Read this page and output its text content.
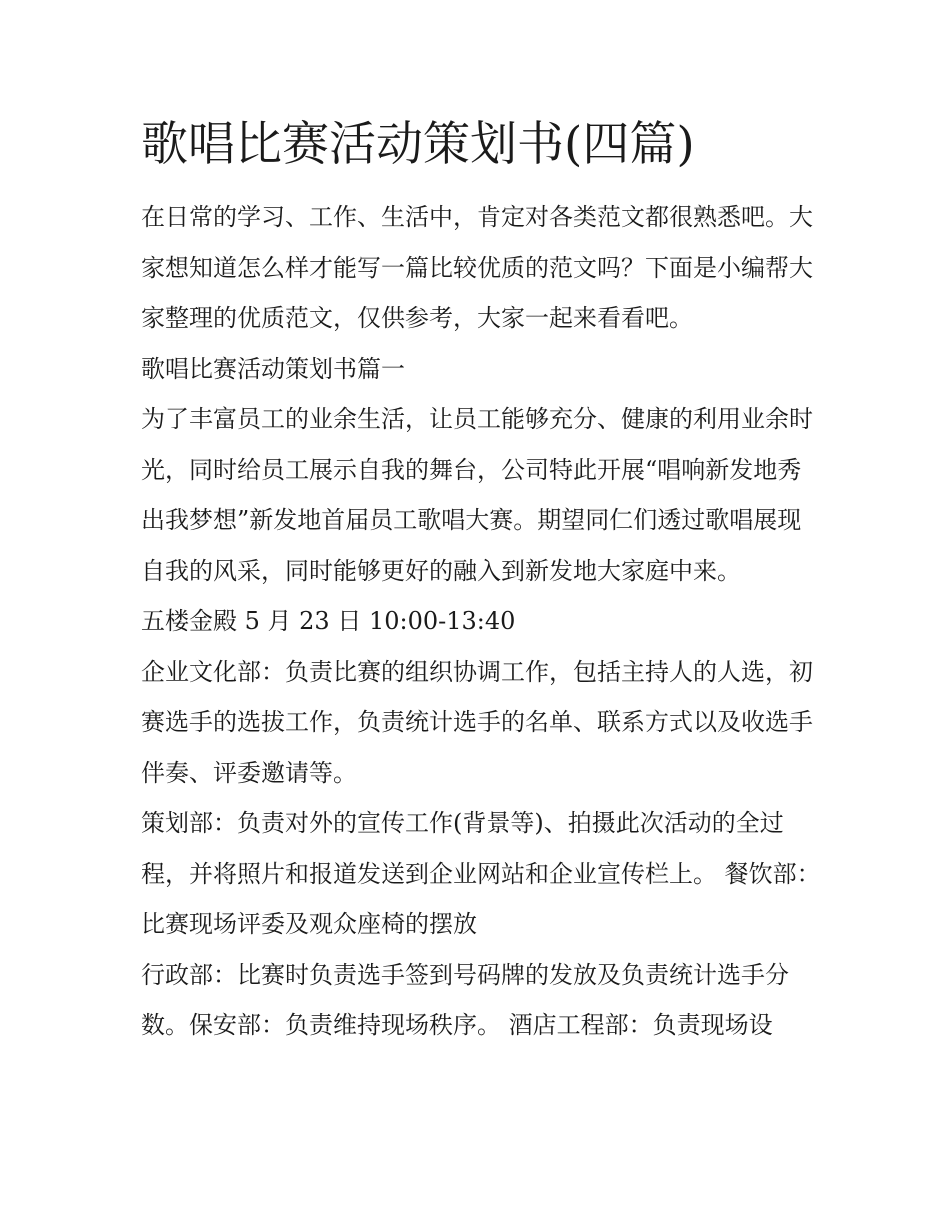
歌唱比赛活动策划书(四篇)

在日常的学习、工作、生活中，肯定对各类范文都很熟悉吧。大家想知道怎么样才能写一篇比较优质的范文吗？下面是小编帮大家整理的优质范文，仅供参考，大家一起来看看吧。

歌唱比赛活动策划书篇一

为了丰富员工的业余生活，让员工能够充分、健康的利用业余时光，同时给员工展示自我的舞台，公司特此开展“唱响新发地秀出我梦想”新发地首届员工歌唱大赛。期望同仁们透过歌唱展现自我的风采，同时能够更好的融入到新发地大家庭中来。

五楼金殿 5 月 23 日 10:00-13:40

企业文化部：负责比赛的组织协调工作，包括主持人的人选，初赛选手的选拔工作，负责统计选手的名单、联系方式以及收选手伴奏、评委邀请等。

策划部：负责对外的宣传工作(背景等)、拍摄此次活动的全过程，并将照片和报道发送到企业网站和企业宣传栏上。 餐饮部：比赛现场评委及观众座椅的摆放

行政部：比赛时负责选手签到号码牌的发放及负责统计选手分数。保安部：负责维持现场秩序。 酒店工程部：负责现场设
